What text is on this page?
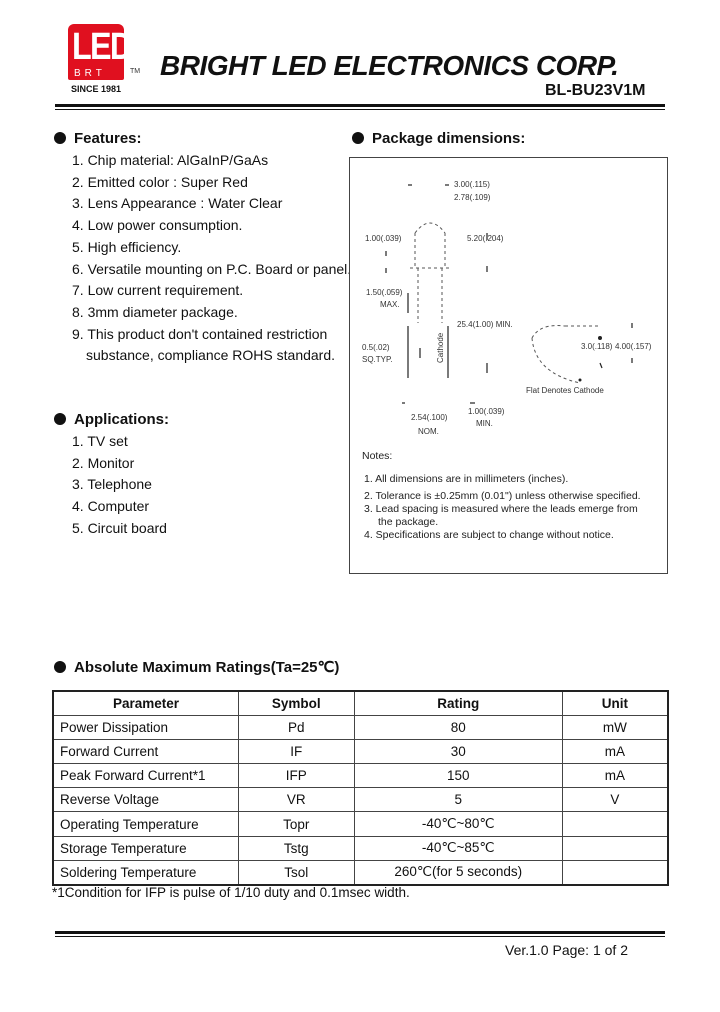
LED
BRT	TM
SINCE 1981
BRIGHT LED ELECTRONICS CORP.
BL-BU23V1M
Features:
1. Chip material: AlGaInP/GaAs
2. Emitted color : Super Red
3. Lens Appearance : Water Clear
4. Low power consumption.
5. High efficiency.
6. Versatile mounting on P.C. Board or panel.
7. Low current requirement.
8. 3mm diameter package.
9. This product don't contained restriction
substance, compliance ROHS standard.
Applications:
1. TV set
2. Monitor
3. Telephone
4. Computer
5. Circuit board
Package dimensions:
3.00(.115)
2.78(.109)
1.00(.039)	5.20(.204)
1.50(.059)
MAX.
25.4(1.00) MIN.
0.5(.02)
SQ.TYP.	Cathode	3.0(.118) 4.00(.157)
Flat Denotes Cathode
2.54(.100)
NOM.
1.00(.039)
MIN.
Notes:
1. All dimensions are in millimeters (inches).
2. Tolerance is ±0.25mm (0.01") unless otherwise specified.
3. Lead spacing is measured where the leads emerge from
the package.
4. Specifications are subject to change without notice.
Absolute Maximum Ratings(Ta=25℃)
Parameter	Symbol	Rating	Unit
Power Dissipation	Pd	80	mW
Forward Current	IF	30	mA
Peak Forward Current*1	IFP	150	mA
Reverse Voltage	VR	5	V
Operating Temperature	Topr	-40℃~80℃	
Storage Temperature	Tstg	-40℃~85℃	
Soldering Temperature	Tsol	260℃(for 5 seconds)	
*1Condition for IFP is pulse of 1/10 duty and 0.1msec width.
Ver.1.0 Page: 1 of 2
